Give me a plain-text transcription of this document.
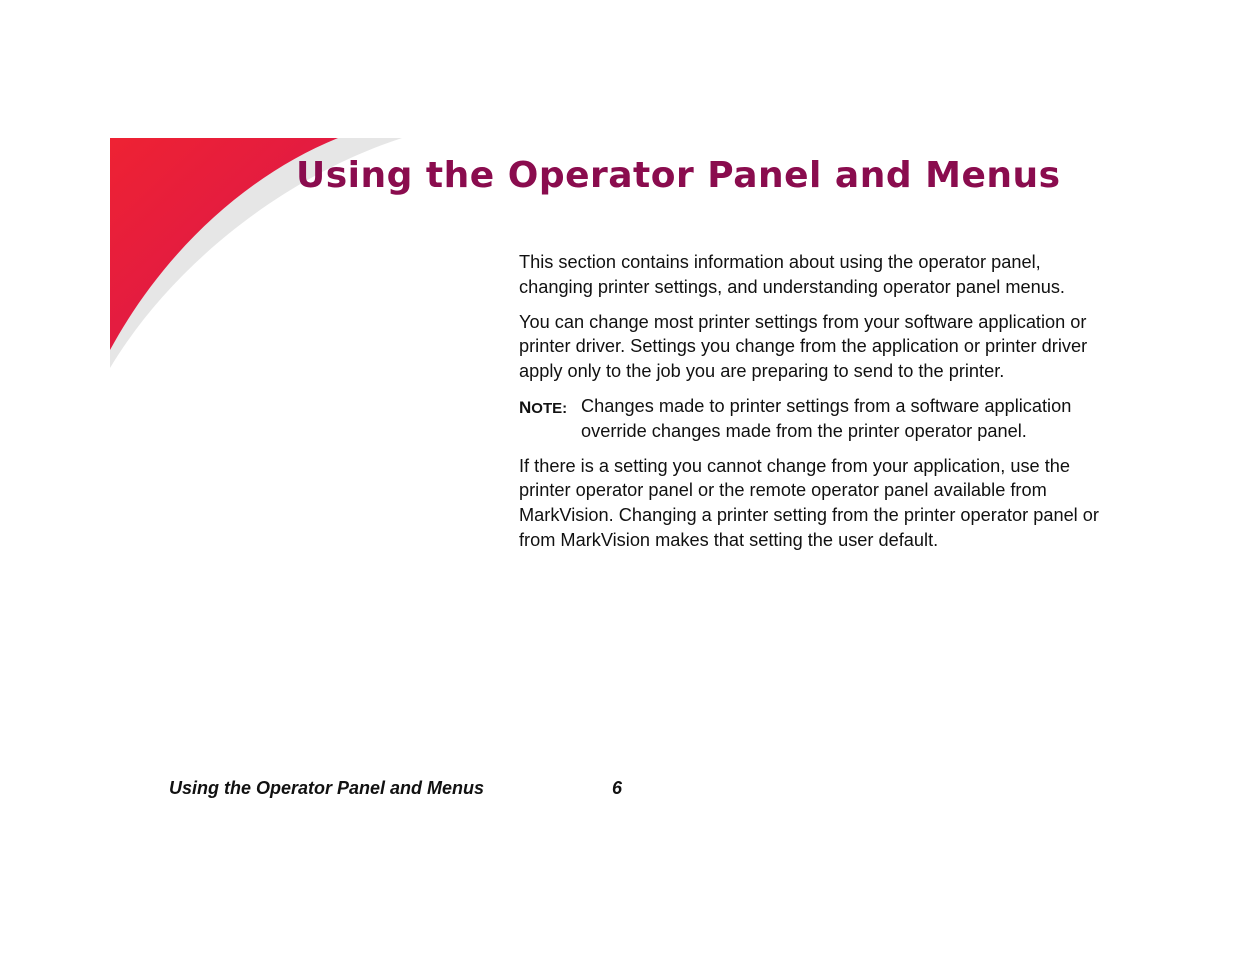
Using the Operator Panel and Menus

This section contains information about using the operator panel, changing printer settings, and understanding operator panel menus.

You can change most printer settings from your software application or printer driver. Settings you change from the application or printer driver apply only to the job you are preparing to send to the printer.

NOTE: Changes made to printer settings from a software application override changes made from the printer operator panel.

If there is a setting you cannot change from your application, use the printer operator panel or the remote operator panel available from MarkVision. Changing a printer setting from the printer operator panel or from MarkVision makes that setting the user default.

Using the Operator Panel and Menus	6
